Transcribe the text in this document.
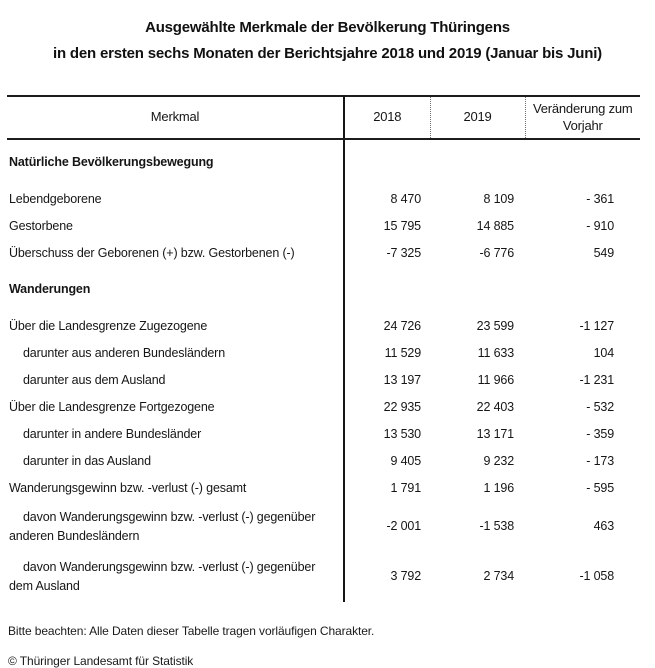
Ausgewählte Merkmale der Bevölkerung Thüringens
in den ersten sechs Monaten der Berichtsjahre 2018 und 2019 (Januar bis Juni)
Merkmal	2018	2019	Veränderung zum Vorjahr
Natürliche Bevölkerungsbewegung			
Lebendgeborene	8 470	8 109	- 361
Gestorbene	15 795	14 885	- 910
Überschuss der Geborenen (+) bzw. Gestorbenen (-)	-7 325	-6 776	549
Wanderungen			
Über die Landesgrenze Zugezogene	24 726	23 599	-1 127
darunter aus anderen Bundesländern	11 529	11 633	104
darunter aus dem Ausland	13 197	11 966	-1 231
Über die Landesgrenze Fortgezogene	22 935	22 403	- 532
darunter in andere Bundesländer	13 530	13 171	- 359
darunter in das Ausland	9 405	9 232	- 173
Wanderungsgewinn bzw. -verlust (-) gesamt	1 791	1 196	- 595
davon Wanderungsgewinn bzw. -verlust (-) gegenüber anderen Bundesländern	-2 001	-1 538	463
davon Wanderungsgewinn bzw. -verlust (-) gegenüber dem Ausland	3 792	2 734	-1 058
Bitte beachten: Alle Daten dieser Tabelle tragen vorläufigen Charakter.
© Thüringer Landesamt für Statistik
